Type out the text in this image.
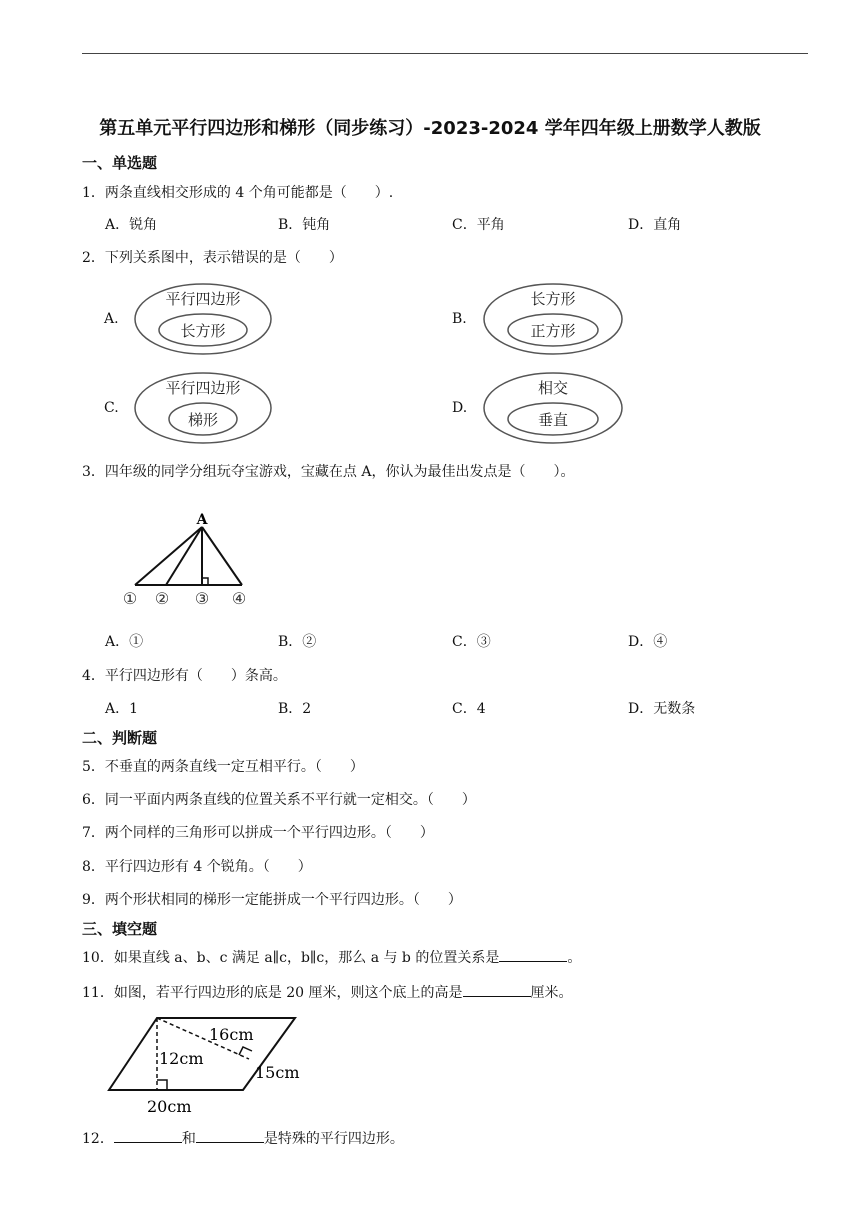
第五单元平行四边形和梯形（同步练习）-2023-2024 学年四年级上册数学人教版
一、单选题
1．两条直线相交形成的 4 个角可能都是（　　）.
A．锐角	B．钝角	C．平角	D．直角
2．下列关系图中，表示错误的是（　　）
A.
平行四边形
长方形
B.
长方形
正方形
C.
平行四边形
梯形
D.
相交
垂直
3．四年级的同学分组玩夺宝游戏，宝藏在点 A，你认为最佳出发点是（　　）。
A
① ② ③ ④
A．①	B．②	C．③	D．④
4．平行四边形有（　　）条高。
A．1	B．2	C．4	D．无数条
二、判断题
5．不垂直的两条直线一定互相平行。（　　）
6．同一平面内两条直线的位置关系不平行就一定相交。（　　）
7．两个同样的三角形可以拼成一个平行四边形。（　　）
8．平行四边形有 4 个锐角。（　　）
9．两个形状相同的梯形一定能拼成一个平行四边形。（　　）
三、填空题
10．如果直线 a、b、c 满足 a∥c，b∥c，那么 a 与 b 的位置关系是	。
11．如图，若平行四边形的底是 20 厘米，则这个底上的高是	厘米。
16cm
12cm
15cm
20cm
12．	和	是特殊的平行四边形。
